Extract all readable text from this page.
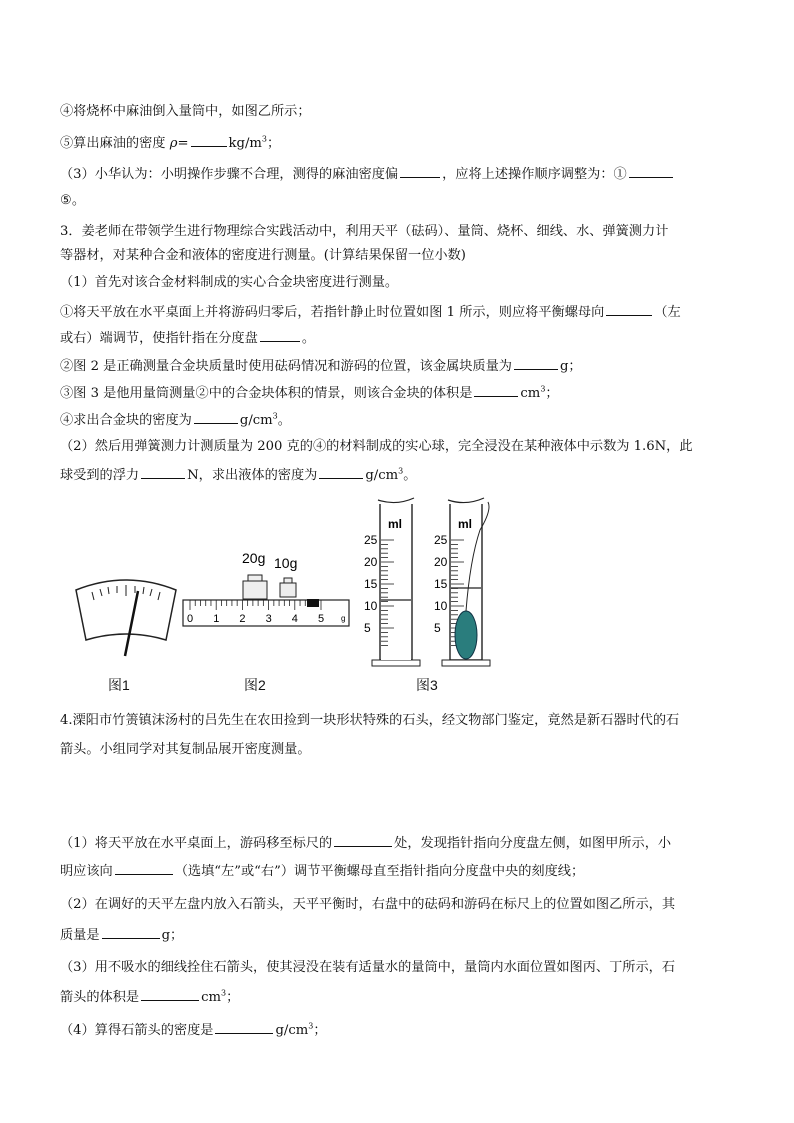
④将烧杯中麻油倒入量筒中，如图乙所示；
⑤算出麻油的密度 ρ=	$kg/m^3$；
（3）小华认为：小明操作步骤不合理，测得的麻油密度偏	，应将上述操作顺序调整为：①
⑤。
3．姜老师在带领学生进行物理综合实践活动中，利用天平（砝码）、量筒、烧杯、细线、水、弹簧测力计
等器材，对某种合金和液体的密度进行测量。(计算结果保留一位小数)
（1）首先对该合金材料制成的实心合金块密度进行测量。
①将天平放在水平桌面上并将游码归零后，若指针静止时位置如图 1 所示，则应将平衡螺母向	（左
或右）端调节，使指针指在分度盘	。
②图 2 是正确测量合金块质量时使用砝码情况和游码的位置，该金属块质量为	g；
③图 3 是他用量筒测量②中的合金块体积的情景，则该合金块的体积是	$cm^3$；
④求出合金块的密度为	$g/cm^3$。
（2）然后用弹簧测力计测质量为 200 克的④的材料制成的实心球，完全浸没在某种液体中示数为 1.6N，此
球受到的浮力	N，求出液体的密度为	$g/cm^3$。
20g 10g
0 1 2 3 4 5 g
ml
25
20
15
10
5
ml
25
20
15
10
5
图1	图2	图3
4.溧阳市竹箦镇沫汤村的吕先生在农田捡到一块形状特殊的石头，经文物部门鉴定，竟然是新石器时代的石
箭头。小组同学对其复制品展开密度测量。
（1）将天平放在水平桌面上，游码移至标尺的	处，发现指针指向分度盘左侧，如图甲所示，小
明应该向	（选填“左”或“右”）调节平衡螺母直至指针指向分度盘中央的刻度线；
（2）在调好的天平左盘内放入石箭头，天平平衡时，右盘中的砝码和游码在标尺上的位置如图乙所示，其
质量是	g；
（3）用不吸水的细线拴住石箭头，使其浸没在装有适量水的量筒中，量筒内水面位置如图丙、丁所示，石
箭头的体积是	$cm^3$；
（4）算得石箭头的密度是	$g/cm^3$；
